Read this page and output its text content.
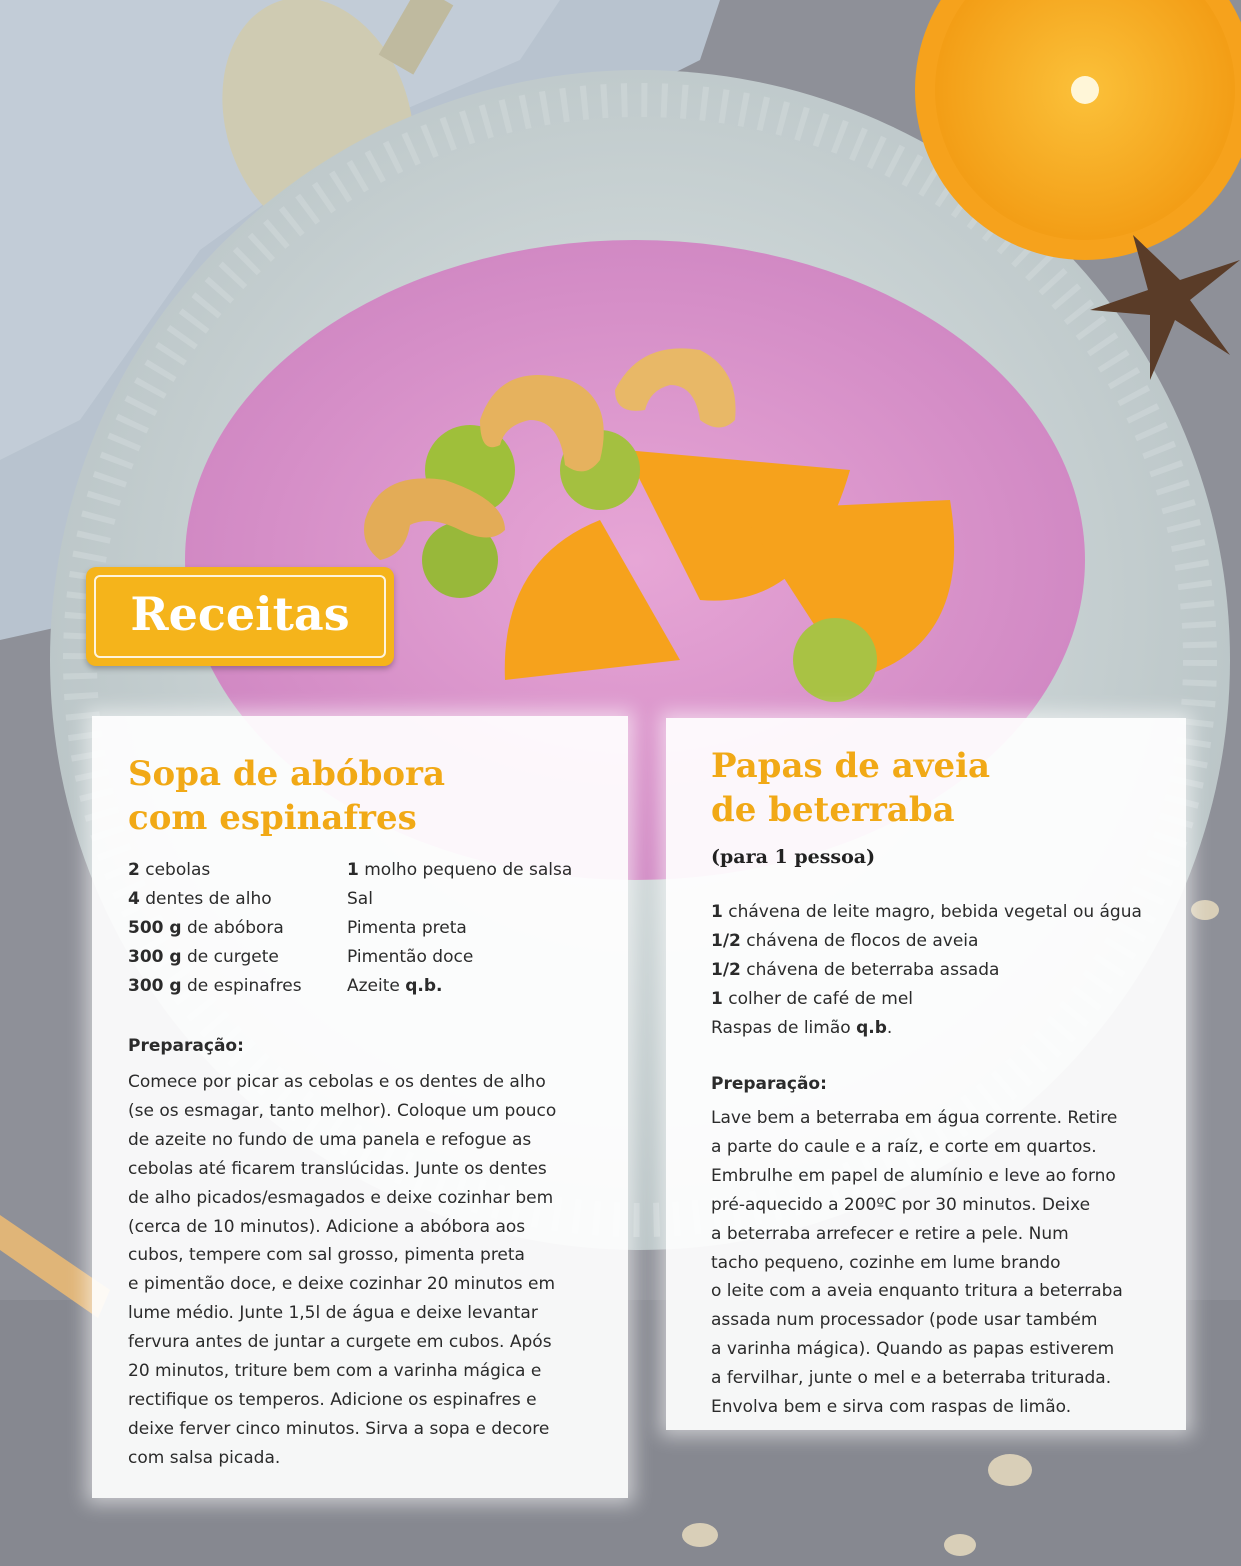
Receitas
Sopa de abóbora
com espinafres
2 cebolas
4 dentes de alho
500 g de abóbora
300 g de curgete
300 g de espinafres
1 molho pequeno de salsa
Sal
Pimenta preta
Pimentão doce
Azeite q.b.

Preparação:

Comece por picar as cebolas e os dentes de alho
(se os esmagar, tanto melhor). Coloque um pouco
de azeite no fundo de uma panela e refogue as
cebolas até ficarem translúcidas. Junte os dentes
de alho picados/esmagados e deixe cozinhar bem
(cerca de 10 minutos). Adicione a abóbora aos
cubos, tempere com sal grosso, pimenta preta
e pimentão doce, e deixe cozinhar 20 minutos em
lume médio. Junte 1,5l de água e deixe levantar
fervura antes de juntar a curgete em cubos. Após
20 minutos, triture bem com a varinha mágica e
rectifique os temperos. Adicione os espinafres e
deixe ferver cinco minutos. Sirva a sopa e decore
com salsa picada.
Papas de aveia
de beterraba

(para 1 pessoa)

1 chávena de leite magro, bebida vegetal ou água
1/2 chávena de flocos de aveia
1/2 chávena de beterraba assada
1 colher de café de mel
Raspas de limão q.b.

Preparação:

Lave bem a beterraba em água corrente. Retire
a parte do caule e a raíz, e corte em quartos.
Embrulhe em papel de alumínio e leve ao forno
pré-aquecido a 200ºC por 30 minutos. Deixe
a beterraba arrefecer e retire a pele. Num
tacho pequeno, cozinhe em lume brando
o leite com a aveia enquanto tritura a beterraba
assada num processador (pode usar também
a varinha mágica). Quando as papas estiverem
a fervilhar, junte o mel e a beterraba triturada.
Envolva bem e sirva com raspas de limão.
